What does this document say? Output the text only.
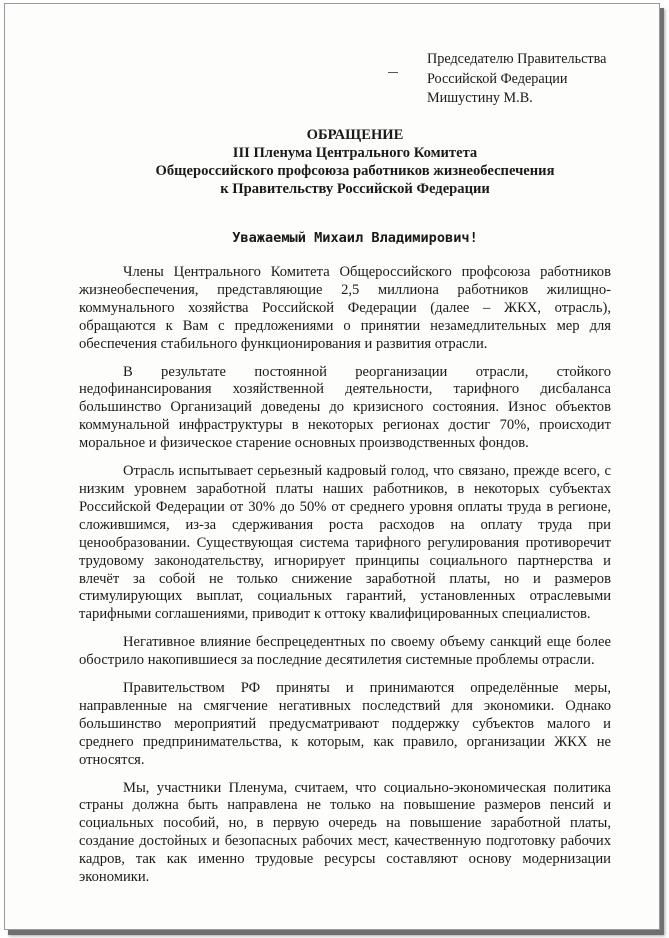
Председателю Правительства
Российской Федерации
Мишустину М.В.
ОБРАЩЕНИЕ
III Пленума Центрального Комитета
Общероссийского профсоюза работников жизнеобеспечения
к Правительству Российской Федерации
Уважаемый Михаил Владимирович!

Члены Центрального Комитета Общероссийского профсоюза работников жизнеобеспечения, представляющие 2,5 миллиона работников жилищно-коммунального хозяйства Российской Федерации (далее – ЖКХ, отрасль), обращаются к Вам с предложениями о принятии незамедлительных мер для обеспечения стабильного функционирования и развития отрасли.

В результате постоянной реорганизации отрасли, стойкого недофинансирования хозяйственной деятельности, тарифного дисбаланса большинство Организаций доведены до кризисного состояния. Износ объектов коммунальной инфраструктуры в некоторых регионах достиг 70%, происходит моральное и физическое старение основных производственных фондов.

Отрасль испытывает серьезный кадровый голод, что связано, прежде всего, с низким уровнем заработной платы наших работников, в некоторых субъектах Российской Федерации от 30% до 50% от среднего уровня оплаты труда в регионе, сложившимся, из-за сдерживания роста расходов на оплату труда при ценообразовании. Существующая система тарифного регулирования противоречит трудовому законодательству, игнорирует принципы социального партнерства и влечёт за собой не только снижение заработной платы, но и размеров стимулирующих выплат, социальных гарантий, установленных отраслевыми тарифными соглашениями, приводит к оттоку квалифицированных специалистов.

Негативное влияние беспрецедентных по своему объему санкций еще более обострило накопившиеся за последние десятилетия системные проблемы отрасли.

Правительством РФ приняты и принимаются определённые меры, направленные на смягчение негативных последствий для экономики. Однако большинство мероприятий предусматривают поддержку субъектов малого и среднего предпринимательства, к которым, как правило, организации ЖКХ не относятся.

Мы, участники Пленума, считаем, что социально-экономическая политика страны должна быть направлена не только на повышение размеров пенсий и социальных пособий, но, в первую очередь на повышение заработной платы, создание достойных и безопасных рабочих мест, качественную подготовку рабочих кадров, так как именно трудовые ресурсы составляют основу модернизации экономики.
